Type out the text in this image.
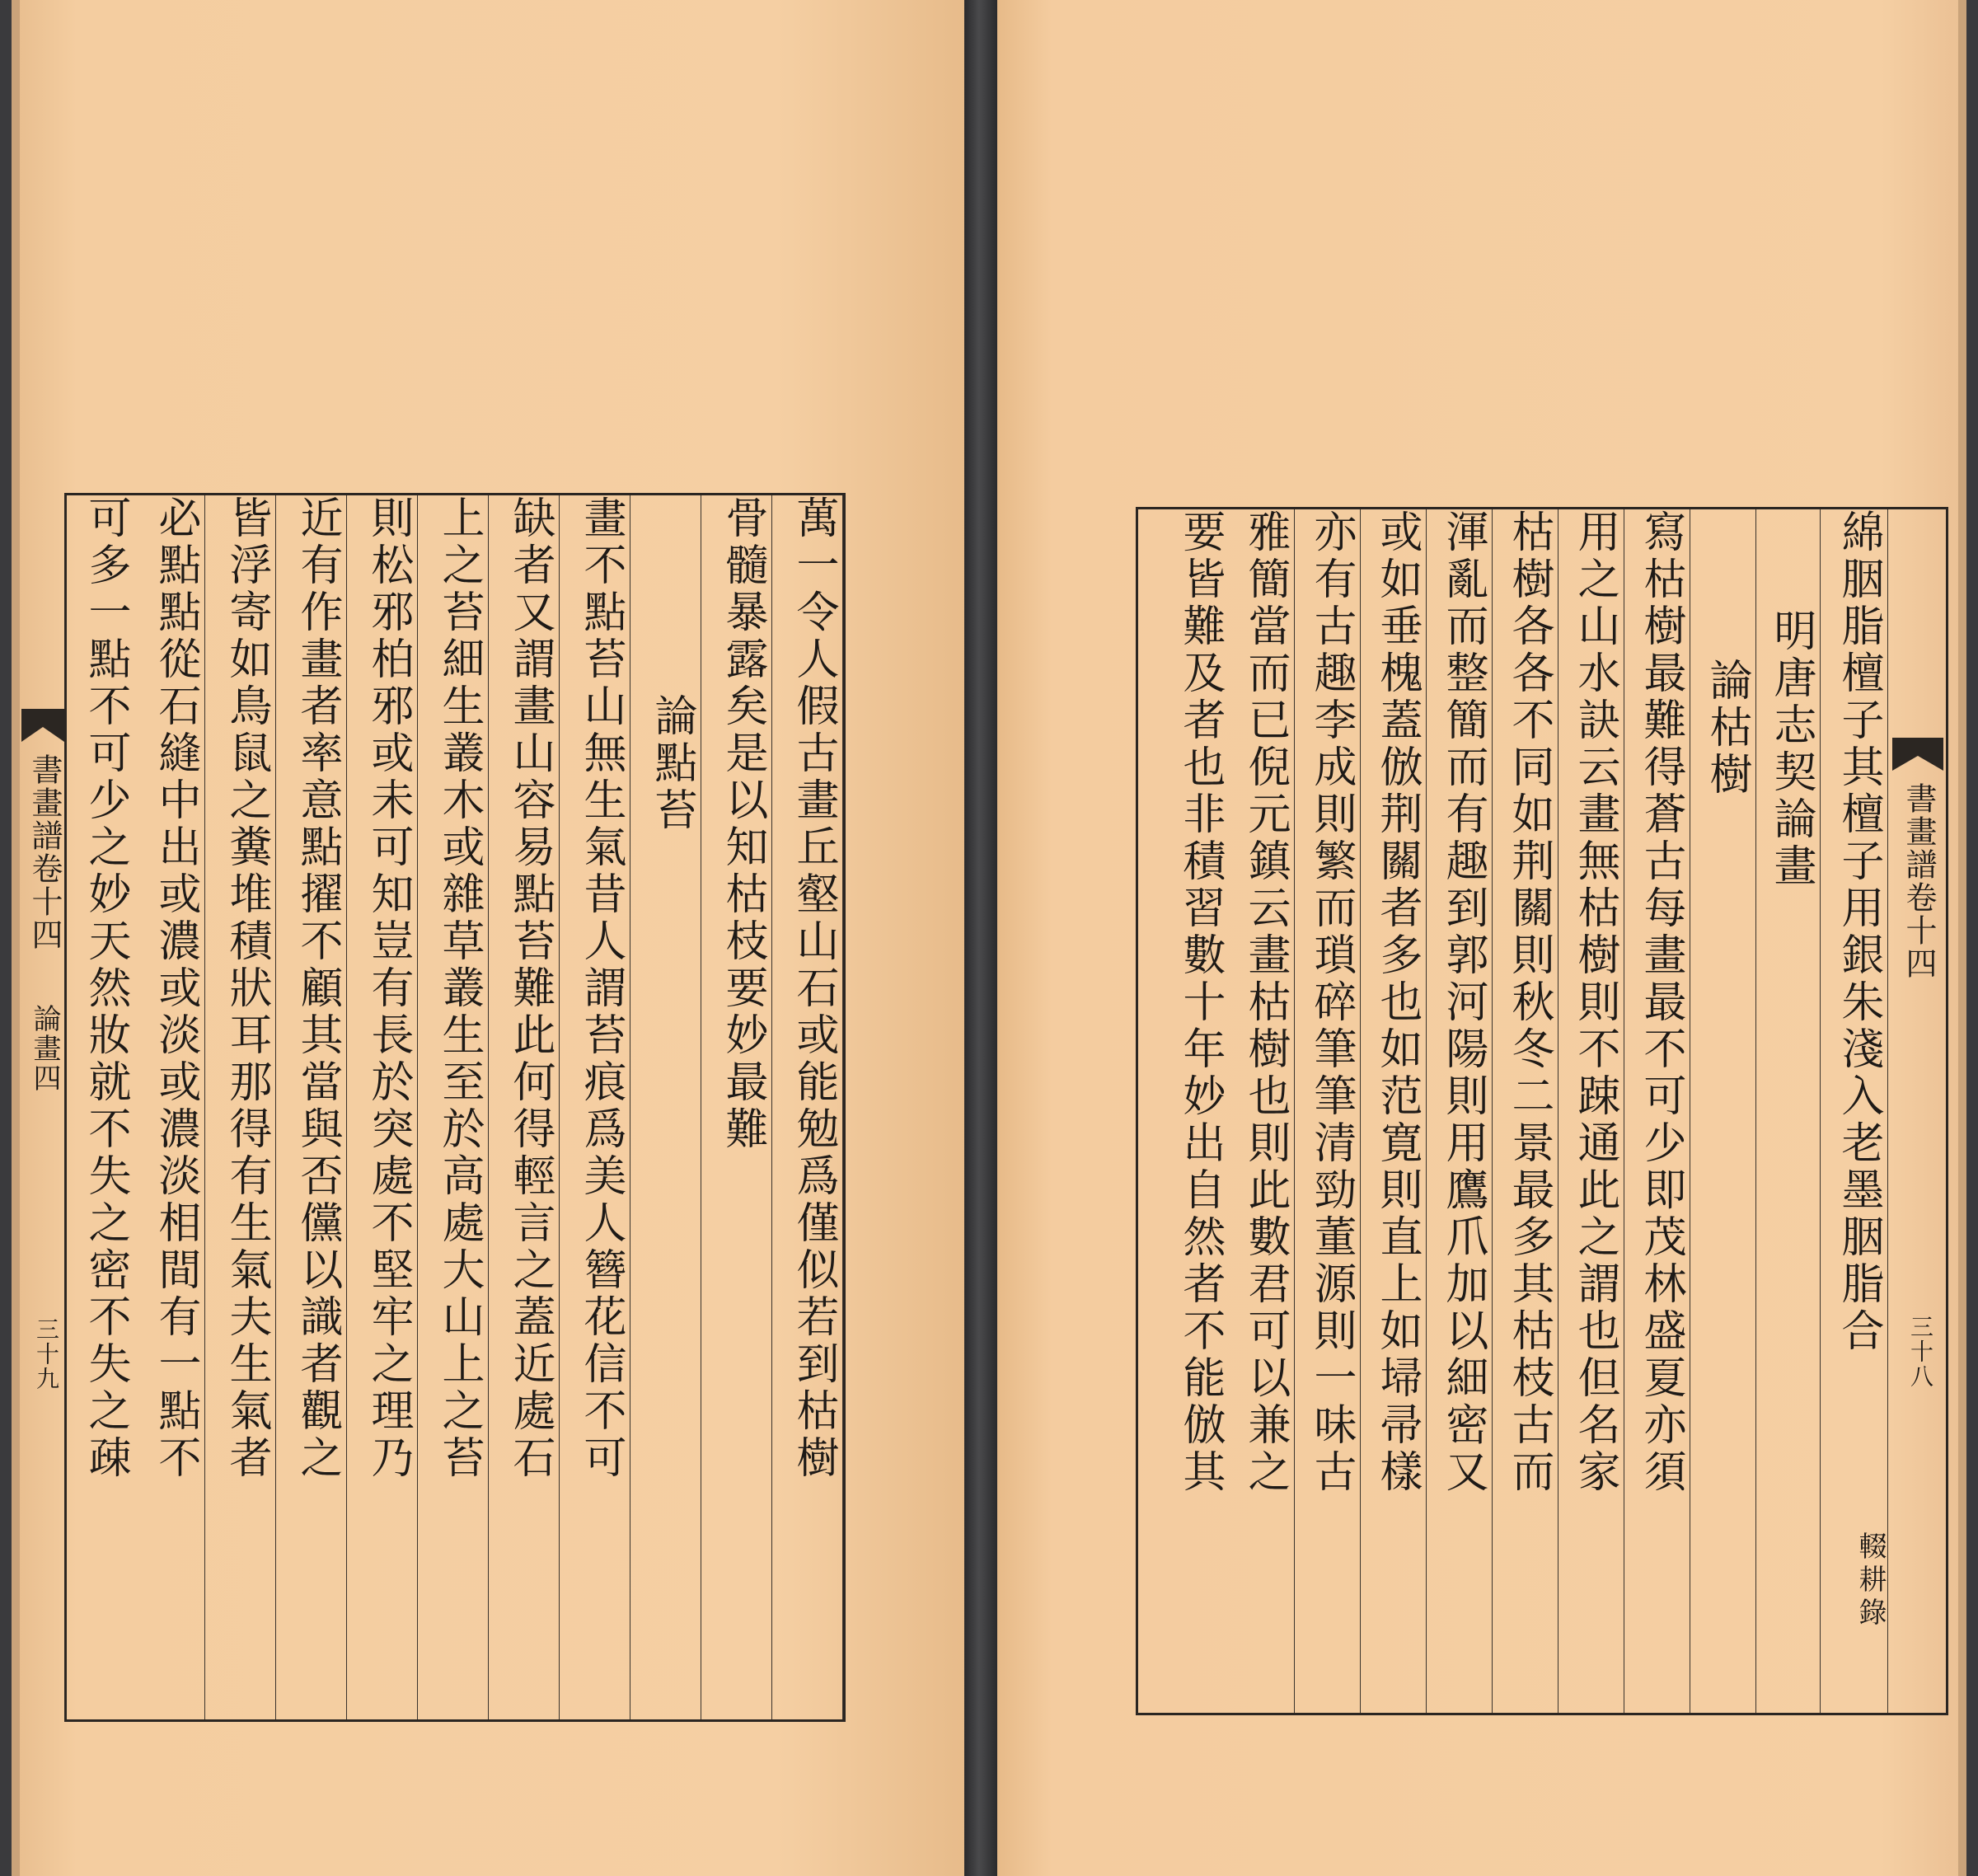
書畫譜卷十四
論畫四
三十九	萬一令人假古畫丘壑山石或能勉爲僅似若到枯樹
骨髓暴露矣是以知枯枝要妙最難
論點苔
畫不點苔山無生氣昔人謂苔痕爲美人簪花信不可
缺者又謂畫山容易點苔難此何得輕言之蓋近處石
上之苔細生叢木或雜草叢生至於高處大山上之苔
則松邪柏邪或未可知豈有長於突處不堅牢之理乃
近有作畫者率意點擢不顧其當與否儻以識者觀之
皆浮寄如鳥鼠之糞堆積狀耳那得有生氣夫生氣者
必點點從石縫中出或濃或淡或濃淡相間有一點不
可多一點不可少之妙天然妝就不失之密不失之疎	綿胭脂檀子其檀子用銀朱淺入老墨胭脂合
輟耕錄
明唐志契論畫
論枯樹
寫枯樹最難得蒼古每畫最不可少即茂林盛夏亦須
用之山水訣云畫無枯樹則不踈通此之謂也但名家
枯樹各各不同如荆關則秋冬二景最多其枯枝古而
渾亂而整簡而有趣到郭河陽則用鷹爪加以細密又
或如垂槐蓋倣荆關者多也如范寛則直上如埽帚樣
亦有古趣李成則繁而瑣碎筆筆清勁董源則一味古
雅簡當而已倪元鎮云畫枯樹也則此數君可以兼之
要皆難及者也非積習數十年妙出自然者不能倣其	書畫譜卷十四
三十八
